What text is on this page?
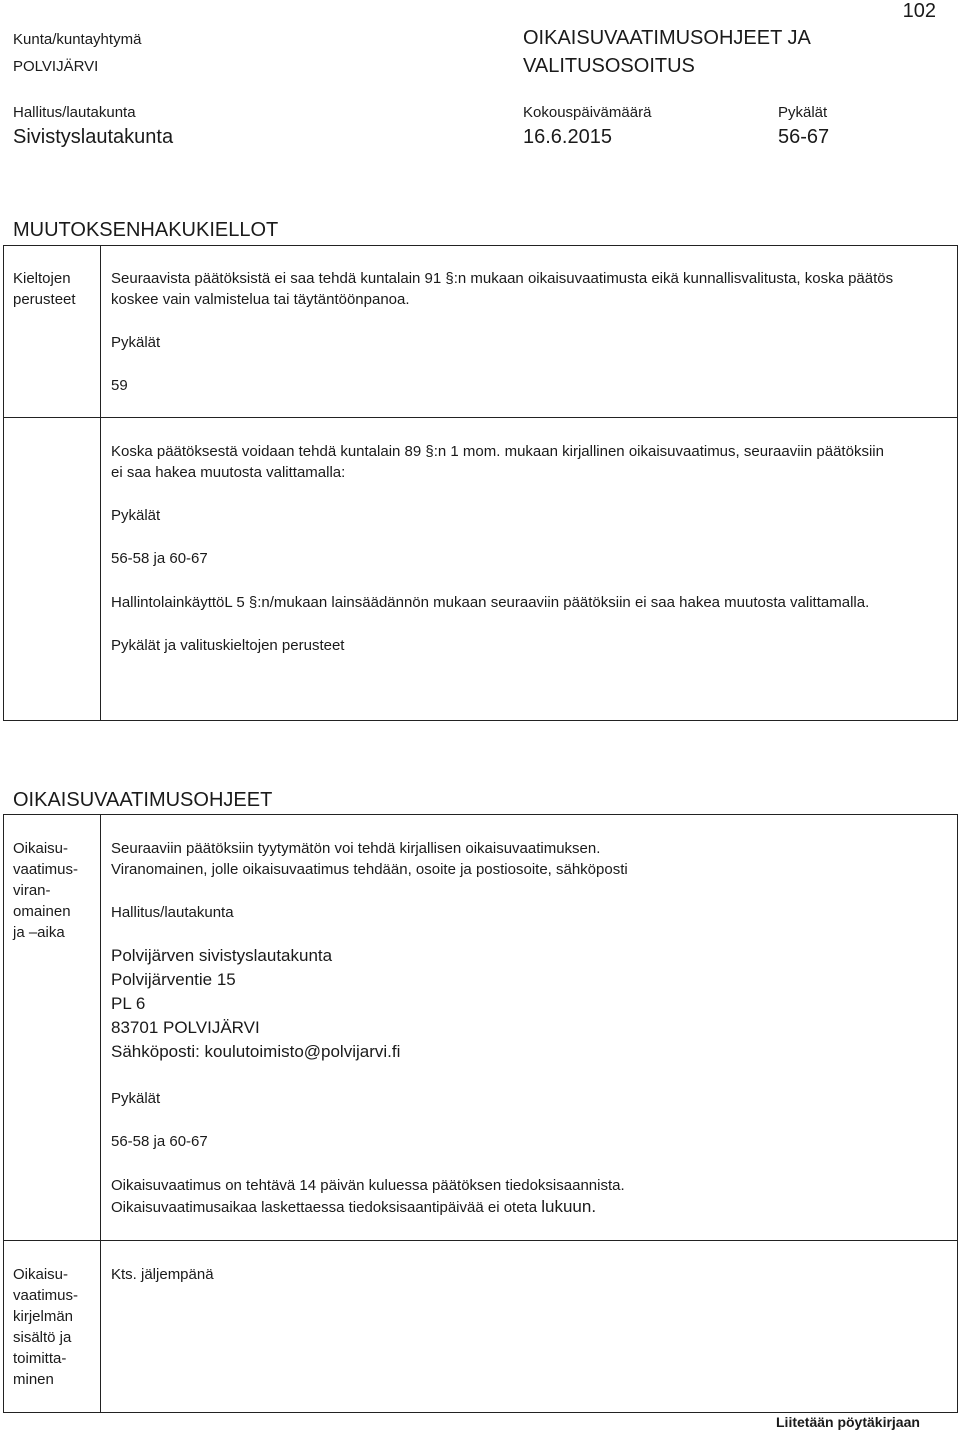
102
Kunta/kuntayhtymä
POLVIJÄRVI
OIKAISUVAATIMUSOHJEET JA
VALITUSOSOITUS
Hallitus/lautakunta
Sivistyslautakunta
Kokouspäivämäärä
16.6.2015
Pykälät
56-67
MUUTOKSENHAKUKIELLOT
Kieltojen
perusteet
Seuraavista päätöksistä ei saa tehdä kuntalain 91 §:n mukaan oikaisuvaatimusta eikä kunnallisvalitusta, koska päätös
koskee vain valmistelua tai täytäntöönpanoa.
Pykälät
59
Koska päätöksestä voidaan tehdä kuntalain 89 §:n 1 mom. mukaan kirjallinen oikaisuvaatimus, seuraaviin päätöksiin
ei saa hakea muutosta valittamalla:
Pykälät
56-58 ja 60-67
HallintolainkäyttöL 5 §:n/mukaan lainsäädännön mukaan seuraaviin päätöksiin ei saa hakea muutosta valittamalla.
Pykälät ja valituskieltojen perusteet
OIKAISUVAATIMUSOHJEET
Oikaisu-
vaatimus-
viran-
omainen
ja –aika
Seuraaviin päätöksiin tyytymätön voi tehdä kirjallisen oikaisuvaatimuksen.
Viranomainen, jolle oikaisuvaatimus tehdään, osoite ja postiosoite, sähköposti
Hallitus/lautakunta
Polvijärven sivistyslautakunta
Polvijärventie 15
PL 6
83701 POLVIJÄRVI
Sähköposti: koulutoimisto@polvijarvi.fi
Pykälät
56-58 ja 60-67
Oikaisuvaatimus on tehtävä 14 päivän kuluessa päätöksen tiedoksisaannista.
Oikaisuvaatimusaikaa laskettaessa tiedoksisaantipäivää ei oteta lukuun.
Oikaisu-
vaatimus-
kirjelmän
sisältö ja
toimitta-
minen
Kts. jäljempänä
Liitetään pöytäkirjaan
